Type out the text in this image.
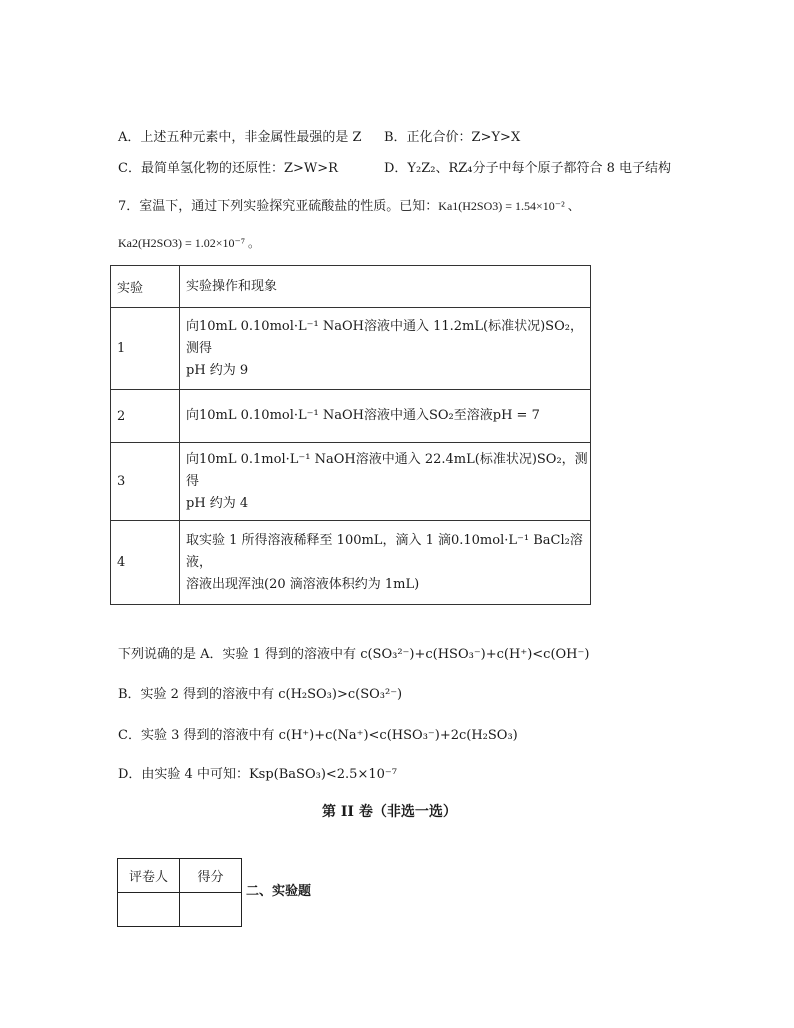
A．上述五种元素中，非金属性最强的是 Z B．正化合价：Z>Y>X
C．最简单氢化物的还原性：Z>W>R	D．Y₂Z₂、RZ₄分子中每个原子都符合 8 电子结构
7．室温下，通过下列实验探究亚硫酸盐的性质。已知：Ka1(H2SO3) = 1.54×10⁻² 、
Ka2(H2SO3) = 1.02×10⁻⁷ 。
实验	实验操作和现象
1	向10mL 0.10mol·L⁻¹ NaOH溶液中通入 11.2mL(标准状况)SO₂，测得
pH 约为 9

2	向10mL 0.10mol·L⁻¹ NaOH溶液中通入SO₂至溶液pH = 7

3	向10mL 0.1mol·L⁻¹ NaOH溶液中通入 22.4mL(标准状况)SO₂，测得
pH 约为 4

4	取实验 1 所得溶液稀释至 100mL，滴入 1 滴0.10mol·L⁻¹ BaCl₂溶液，
溶液出现浑浊(20 滴溶液体积约为 1mL)
下列说确的是 A．实验 1 得到的溶液中有 c(SO₃²⁻)+c(HSO₃⁻)+c(H⁺)<c(OH⁻)
B．实验 2 得到的溶液中有 c(H₂SO₃)>c(SO₃²⁻)
C．实验 3 得到的溶液中有 c(H⁺)+c(Na⁺)<c(HSO₃⁻)+2c(H₂SO₃)
D．由实验 4 中可知：Ksp(BaSO₃)<2.5×10⁻⁷
第 II 卷（非选一选）
评卷人	得分

二、实验题
